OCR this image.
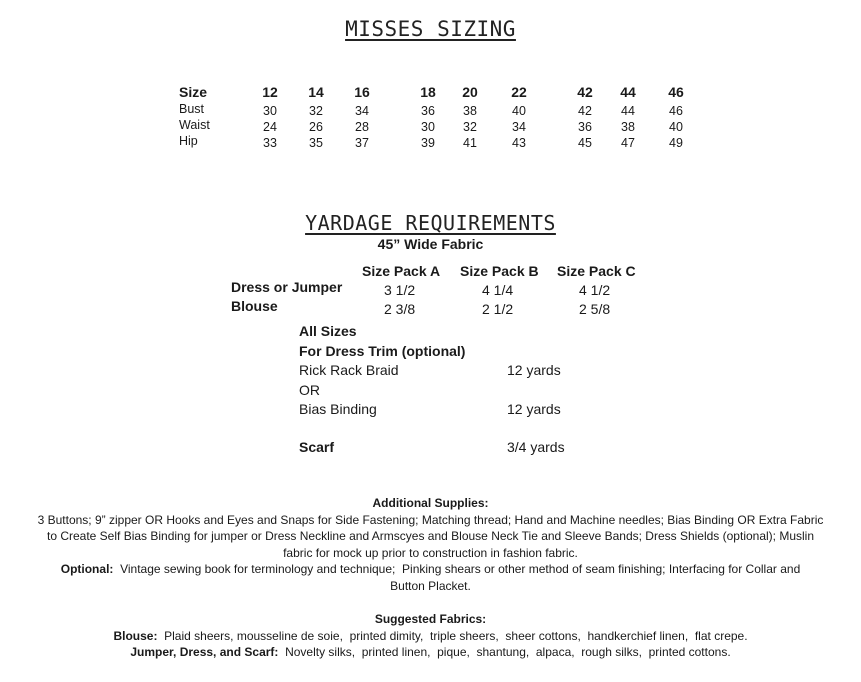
MISSES SIZING
Size	12	14	16	18	20	22	42	44	46
Bust	30	32	34	36	38	40	42	44	46
Waist	24	26	28	30	32	34	36	38	40
Hip	33	35	37	39	41	43	45	47	49
YARDAGE REQUIREMENTS
45” Wide Fabric
Size Pack A Size Pack B Size Pack C
Dress or Jumper	3 1/2	4 1/4	4 1/2
Blouse	2 3/8	2 1/2	2 5/8
All Sizes
For Dress Trim (optional)
Rick Rack Braid	12 yards
OR
Bias Binding	12 yards
Scarf	3/4 yards
Additional Supplies:
3 Buttons; 9” zipper OR Hooks and Eyes and Snaps for Side Fastening; Matching thread; Hand and Machine needles; Bias Binding OR Extra Fabric
to Create Self Bias Binding for jumper or Dress Neckline and Armscyes and Blouse Neck Tie and Sleeve Bands; Dress Shields (optional); Muslin
fabric for mock up prior to construction in fashion fabric.
Optional:  Vintage sewing book for terminology and technique;  Pinking shears or other method of seam finishing; Interfacing for Collar and
Button Placket.
Suggested Fabrics:
Blouse:  Plaid sheers, mousseline de soie,  printed dimity,  triple sheers,  sheer cottons,  handkerchief linen,  flat crepe.
Jumper, Dress, and Scarf:  Novelty silks,  printed linen,  pique,  shantung,  alpaca,  rough silks,  printed cottons.
